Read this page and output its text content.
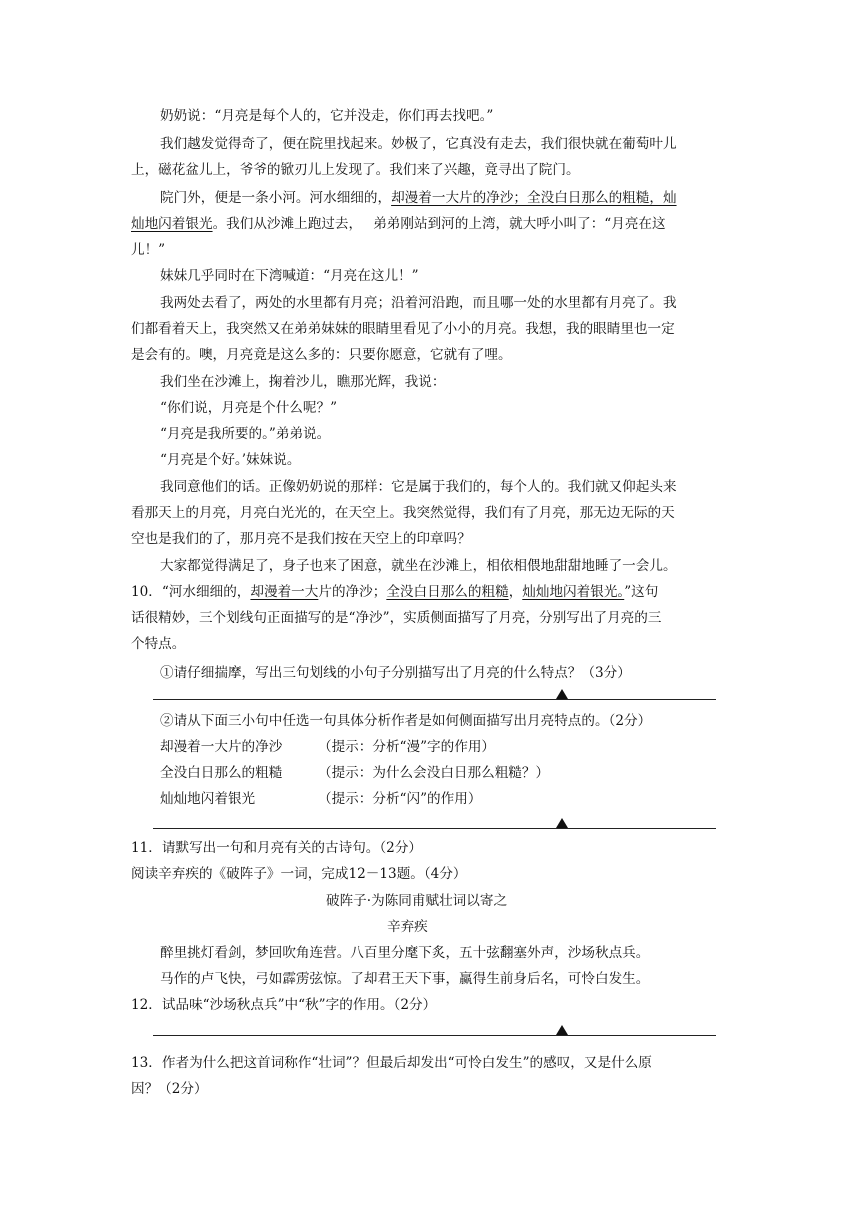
奶奶说：“月亮是每个人的，它并没走，你们再去找吧。”
我们越发觉得奇了，便在院里找起来。妙极了，它真没有走去，我们很快就在葡萄叶儿
上，磁花盆儿上，爷爷的锨刃儿上发现了。我们来了兴趣，竟寻出了院门。
院门外，便是一条小河。河水细细的，却漫着一大片的净沙；全没白日那么的粗糙，灿
灿地闪着银光。我们从沙滩上跑过去，　 弟弟刚站到河的上湾，就大呼小叫了：“月亮在这
儿！”
妹妹几乎同时在下湾喊道：“月亮在这儿！”
我两处去看了，两处的水里都有月亮；沿着河沿跑，而且哪一处的水里都有月亮了。我
们都看着天上，我突然又在弟弟妹妹的眼睛里看见了小小的月亮。我想，我的眼睛里也一定
是会有的。噢，月亮竟是这么多的：只要你愿意，它就有了哩。
我们坐在沙滩上，掬着沙儿，瞧那光辉，我说：
“你们说，月亮是个什么呢？”
“月亮是我所要的。”弟弟说。
“月亮是个好。’妹妹说。
我同意他们的话。正像奶奶说的那样：它是属于我们的，每个人的。我们就又仰起头来
看那天上的月亮，月亮白光光的，在天空上。我突然觉得，我们有了月亮，那无边无际的天
空也是我们的了，那月亮不是我们按在天空上的印章吗？
大家都觉得满足了，身子也来了困意，就坐在沙滩上，相依相偎地甜甜地睡了一会儿。
10．“河水细细的，却漫着一大片的净沙；全没白日那么的粗糙，灿灿地闪着银光。”这句
话很精妙，三个划线句正面描写的是“净沙”，实质侧面描写了月亮，分别写出了月亮的三
个特点。
①请仔细揣摩，写出三句划线的小句子分别描写出了月亮的什么特点？（3分）
②请从下面三小句中任选一句具体分析作者是如何侧面描写出月亮特点的。（2分）
却漫着一大片的净沙	（提示：分析“漫”字的作用）
全没白日那么的粗糙	（提示：为什么会没白日那么粗糙？）
灿灿地闪着银光	（提示：分析“闪”的作用）
11．请默写出一句和月亮有关的古诗句。（2分）
阅读辛弃疾的《破阵子》一词，完成12－13题。（4分）
破阵子·为陈同甫赋壮词以寄之
辛弃疾
醉里挑灯看剑，梦回吹角连营。八百里分麾下炙，五十弦翻塞外声，沙场秋点兵。
马作的卢飞快，弓如霹雳弦惊。了却君王天下事，赢得生前身后名，可怜白发生。
12．试品味“沙场秋点兵”中“秋”字的作用。（2分）
13．作者为什么把这首词称作“壮词”？但最后却发出“可怜白发生”的感叹，又是什么原
因？（2分）
